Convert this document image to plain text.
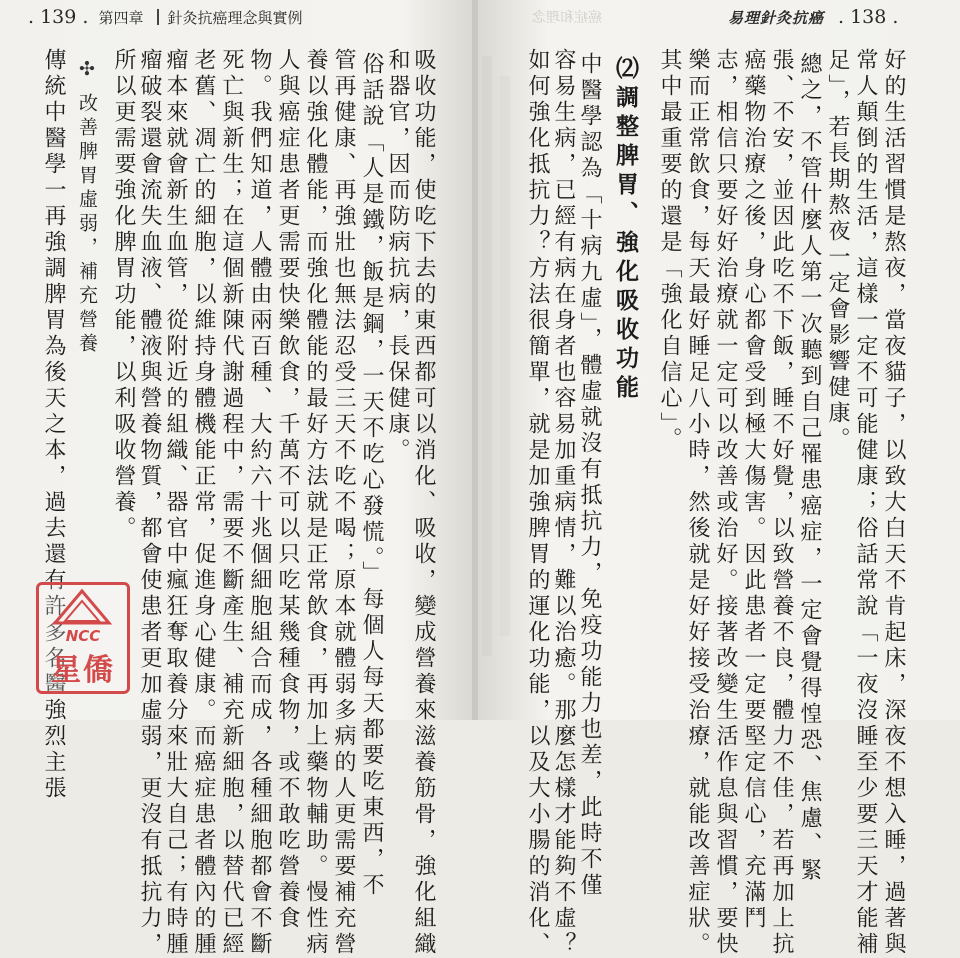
. 139 . 第四章 針灸抗癌理念與實例	癌症和理念	易理針灸抗癌 . 138 .
傳統中醫學一再強調脾胃為後天之本，過去還有許多名醫強烈主張 ✣改善脾胃虛弱，補充營養 所以更需要強化脾胃功能，以利吸收營養。 瘤破裂還會流失血液、體液與營養物質，都會使患者更加虛弱，更沒有抵抗力， 瘤本來就會新生血管，從附近的組織、器官中瘋狂奪取養分來壯大自己；有時腫 老舊、凋亡的細胞，以維持身體機能正常，促進身心健康。而癌症患者體內的腫 死亡與新生；在這個新陳代謝過程中，需要不斷產生、補充新細胞，以替代已經 物。我們知道，人體由兩百種、大約六十兆個細胞組合而成，各種細胞都會不斷 人與癌症患者更需要快樂飲食，千萬不可以只吃某幾種食物，或不敢吃營養食 養以強化體能，而強化體能的最好方法就是正常飲食，再加上藥物輔助。慢性病 管再健康、再強壯也無法忍受三天不吃不喝；原本就體弱多病的人更需要補充營 俗話說「人是鐵，飯是鋼，一天不吃心發慌。」每個人每天都要吃東西，不 和器官，因而防病抗病，長保健康。 吸收功能，使吃下去的東西都可以消化、吸收，變成營養來滋養筋骨，強化組織	如何強化抵抗力？方法很簡單，就是加強脾胃的運化功能，以及大小腸的消化、 容易生病，已經有病在身者也容易加重病情，難以治癒。那麼怎樣才能夠不虛？ 中醫學認為「十病九虛」，體虛就沒有抵抗力，免疫功能力也差，此時不僅 ⑵調整脾胃、強化吸收功能 其中最重要的還是「強化自信心」。 樂而正常飲食，每天最好睡足八小時，然後就是好好接受治療，就能改善症狀。 志，相信只要好好治療就一定可以改善或治好。接著改變生活作息與習慣，要快 癌藥物治療之後，身心都會受到極大傷害。因此患者一定要堅定信心，充滿鬥 張、不安，並因此吃不下飯，睡不好覺，以致營養不良，體力不佳，若再加上抗 總之，不管什麼人第一次聽到自己罹患癌症，一定會覺得惶恐、焦慮、緊 足」，若長期熬夜一定會影響健康。 常人顛倒的生活，這樣一定不可能健康；俗話常說「一夜沒睡至少要三天才能補 好的生活習慣是熬夜，當夜貓子，以致大白天不肯起床，深夜不想入睡，過著與
NCC
星僑
